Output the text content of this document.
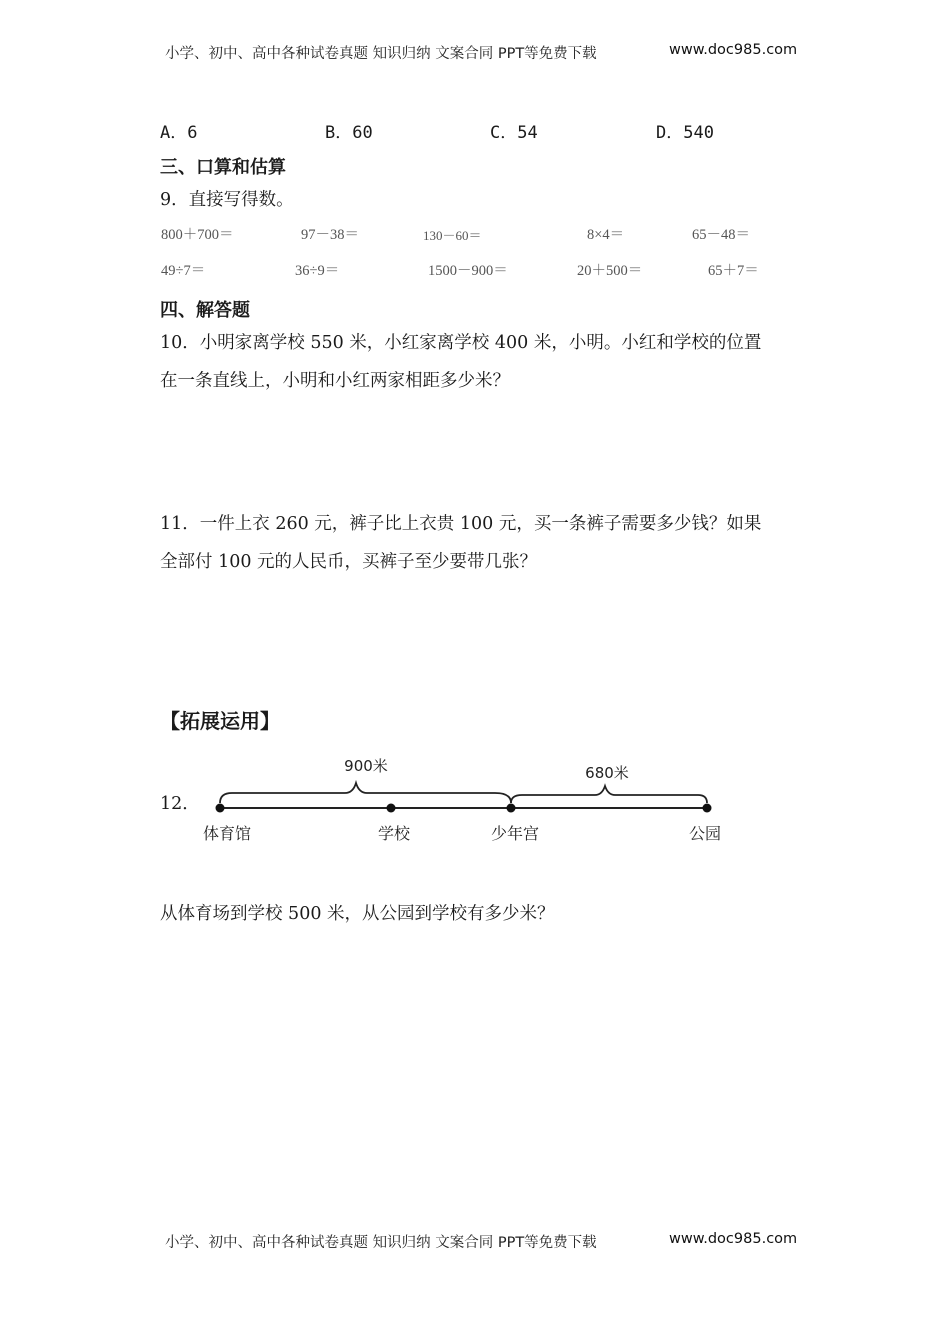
小学、初中、高中各种试卷真题 知识归纳 文案合同 PPT等免费下载	www.doc985.com
A．6	B．60	C．54	D．540
三、口算和估算
9．直接写得数。
800＋700＝	97－38＝	130－60＝	8×4＝	65－48＝
49÷7＝	36÷9＝	1500－900＝	20＋500＝	65＋7＝
四、解答题
10．小明家离学校 550 米，小红家离学校 400 米，小明。小红和学校的位置
在一条直线上，小明和小红两家相距多少米？
11．一件上衣 260 元，裤子比上衣贵 100 元，买一条裤子需要多少钱？如果
全部付 100 元的人民币，买裤子至少要带几张？
【拓展运用】
12．
900米	680米
体育馆	学校	少年宫	公园
从体育场到学校 500 米，从公园到学校有多少米？
小学、初中、高中各种试卷真题 知识归纳 文案合同 PPT等免费下载	www.doc985.com
